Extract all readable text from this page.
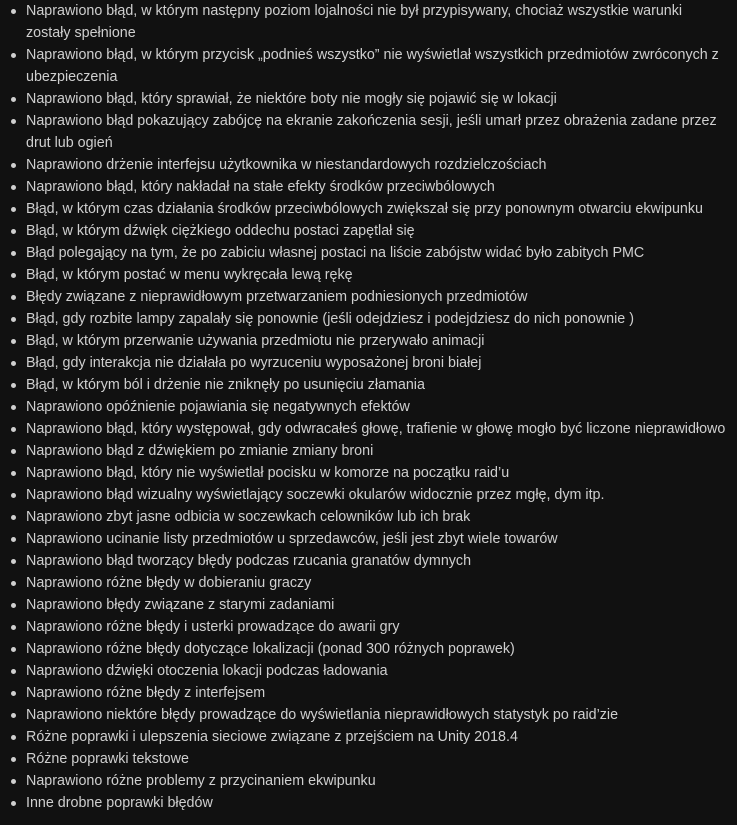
Naprawiono błąd, w którym następny poziom lojalności nie był przypisywany, chociaż wszystkie warunki zostały spełnione
Naprawiono błąd, w którym przycisk „podnieś wszystko” nie wyświetlał wszystkich przedmiotów zwróconych z ubezpieczenia
Naprawiono błąd, który sprawiał, że niektóre boty nie mogły się pojawić się w lokacji
Naprawiono błąd pokazujący zabójcę na ekranie zakończenia sesji, jeśli umarł przez obrażenia zadane przez drut lub ogień
Naprawiono drżenie interfejsu użytkownika w niestandardowych rozdzielczościach
Naprawiono błąd, który nakładał na stałe efekty środków przeciwbólowych
Błąd, w którym czas działania środków przeciwbólowych zwiększał się przy ponownym otwarciu ekwipunku
Błąd, w którym dźwięk ciężkiego oddechu postaci zapętlał się
Błąd polegający na tym, że po zabiciu własnej postaci na liście zabójstw widać było zabitych PMC
Błąd, w którym postać w menu wykręcała lewą rękę
Błędy związane z nieprawidłowym przetwarzaniem podniesionych przedmiotów
Błąd, gdy rozbite lampy zapalały się ponownie (jeśli odejdziesz i podejdziesz do nich ponownie )
Błąd, w którym przerwanie używania przedmiotu nie przerywało animacji
Błąd, gdy interakcja nie działała po wyrzuceniu wyposażonej broni białej
Błąd, w którym ból i drżenie nie zniknęły po usunięciu złamania
Naprawiono opóźnienie pojawiania się negatywnych efektów
Naprawiono błąd, który występował, gdy odwracałeś głowę, trafienie w głowę mogło być liczone nieprawidłowo
Naprawiono błąd z dźwiękiem po zmianie zmiany broni
Naprawiono błąd, który nie wyświetlał pocisku w komorze na początku raid’u
Naprawiono błąd wizualny wyświetlający soczewki okularów widocznie przez mgłę, dym itp.
Naprawiono zbyt jasne odbicia w soczewkach celowników lub ich brak
Naprawiono ucinanie listy przedmiotów u sprzedawców, jeśli jest zbyt wiele towarów
Naprawiono błąd tworzący błędy podczas rzucania granatów dymnych
Naprawiono różne błędy w dobieraniu graczy
Naprawiono błędy związane z starymi zadaniami
Naprawiono różne błędy i usterki prowadzące do awarii gry
Naprawiono różne błędy dotyczące lokalizacji (ponad 300 różnych poprawek)
Naprawiono dźwięki otoczenia lokacji podczas ładowania
Naprawiono różne błędy z interfejsem
Naprawiono niektóre błędy prowadzące do wyświetlania nieprawidłowych statystyk po raid’zie
Różne poprawki i ulepszenia sieciowe związane z przejściem na Unity 2018.4
Różne poprawki tekstowe
Naprawiono różne problemy z przycinaniem ekwipunku
Inne drobne poprawki błędów
